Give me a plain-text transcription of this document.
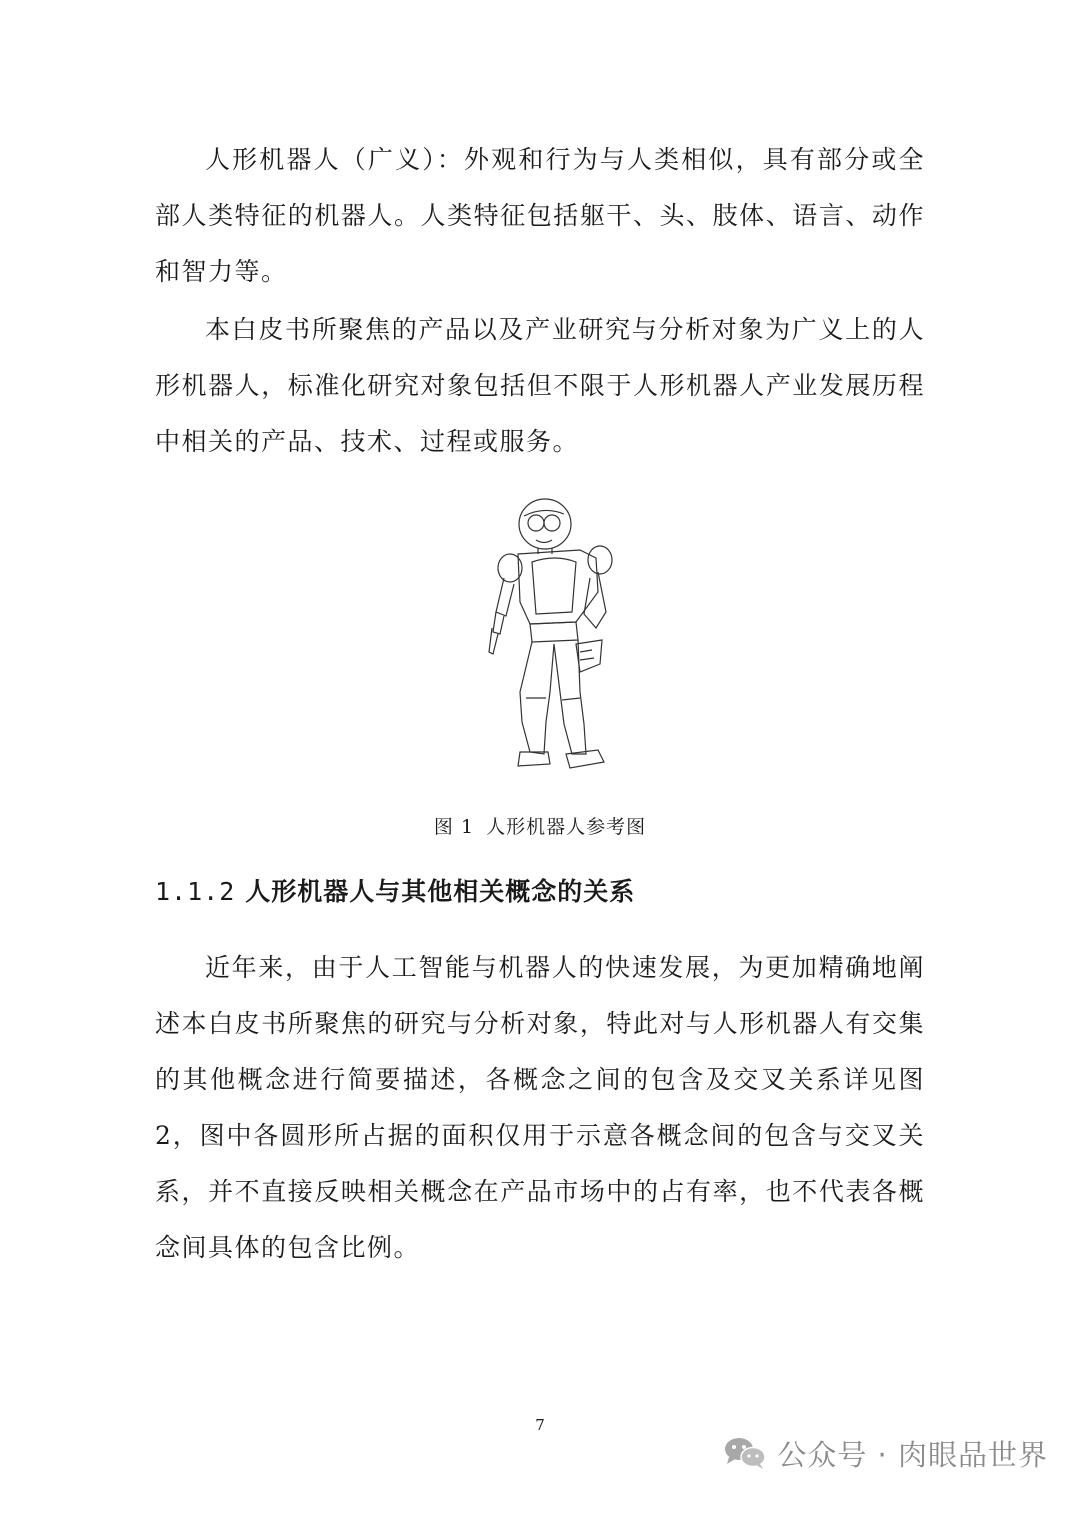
人形机器人（广义）：外观和行为与人类相似，具有部分或全部人类特征的机器人。人类特征包括躯干、头、肢体、语言、动作和智力等。

本白皮书所聚焦的产品以及产业研究与分析对象为广义上的人形机器人，标准化研究对象包括但不限于人形机器人产业发展历程中相关的产品、技术、过程或服务。

图 1 人形机器人参考图
1.1.2 人形机器人与其他相关概念的关系

近年来，由于人工智能与机器人的快速发展，为更加精确地阐述本白皮书所聚焦的研究与分析对象，特此对与人形机器人有交集的其他概念进行简要描述，各概念之间的包含及交叉关系详见图 2，图中各圆形所占据的面积仅用于示意各概念间的包含与交叉关系，并不直接反映相关概念在产品市场中的占有率，也不代表各概念间具体的包含比例。

7
公众号 · 肉眼品世界
